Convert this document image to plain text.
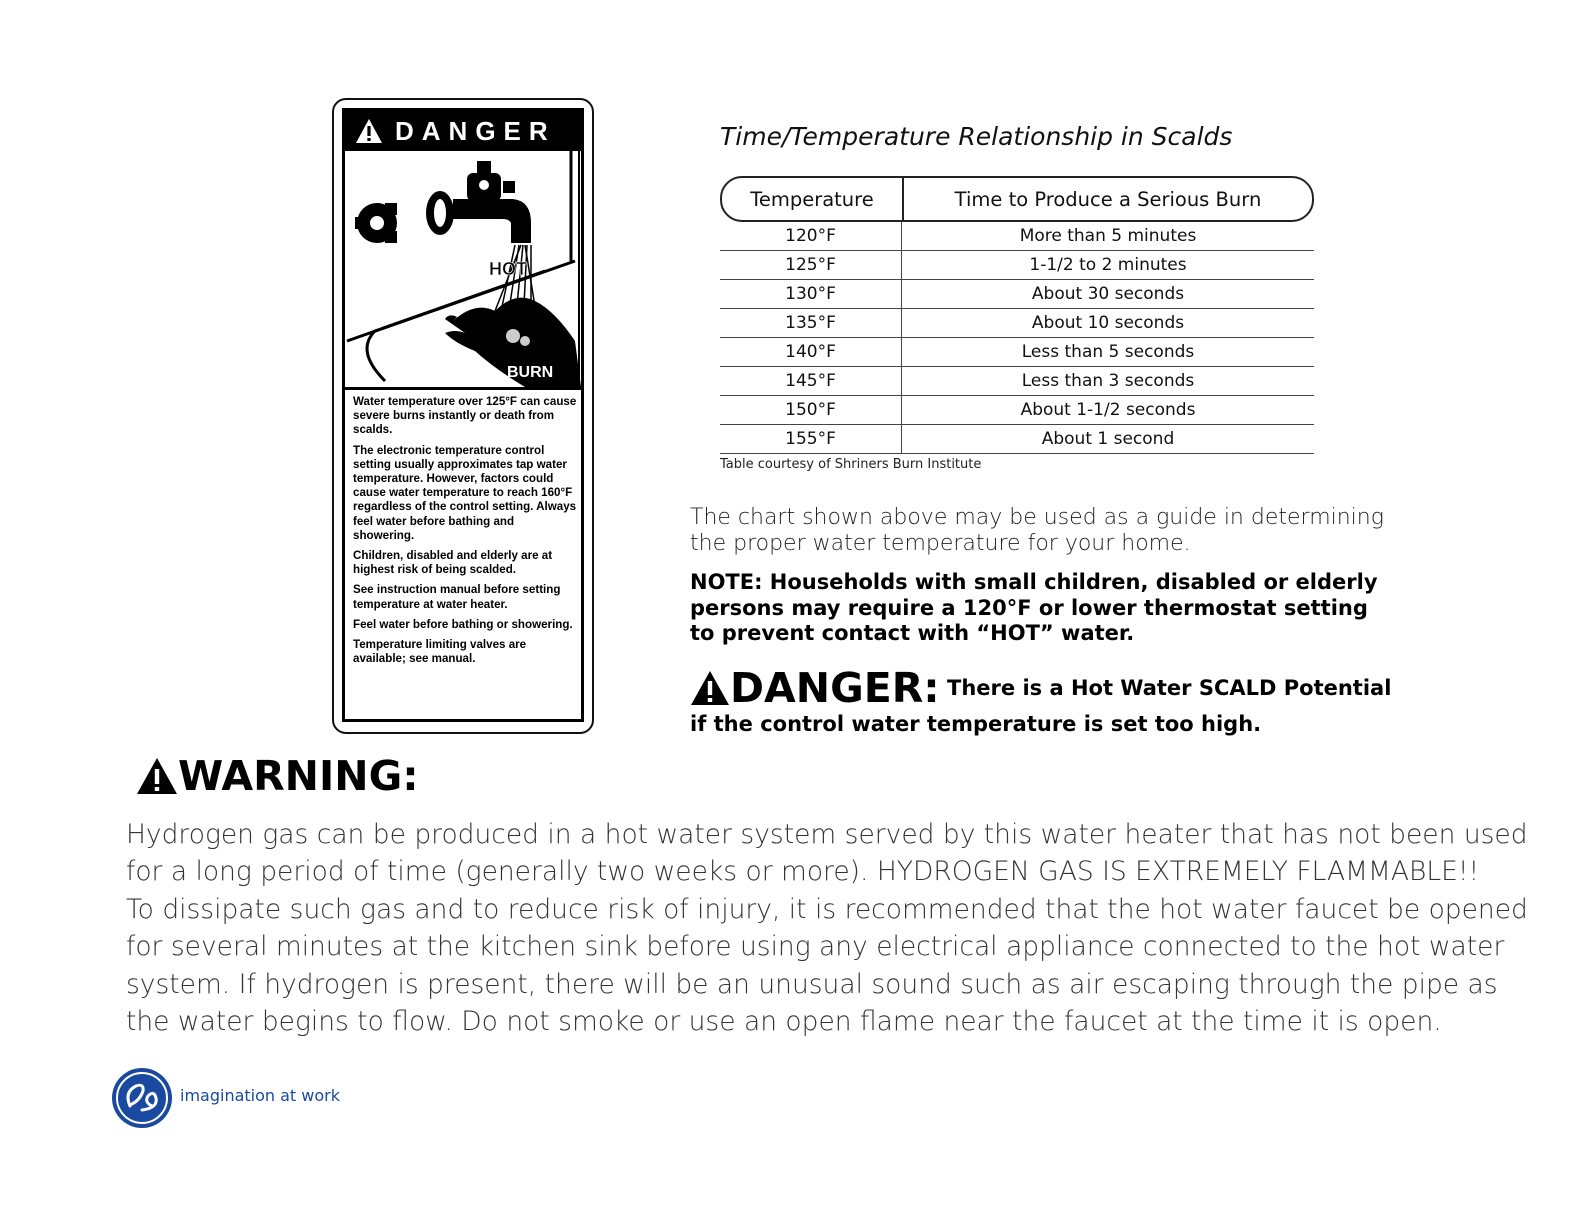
DANGER
HOT
BURN

Water temperature over 125°F can cause severe burns instantly or death from scalds.

The electronic temperature control setting usually approximates tap water temperature. However, factors could cause water temperature to reach 160°F regardless of the control setting. Always feel water before bathing and showering.

Children, disabled and elderly are at highest risk of being scalded.

See instruction manual before setting temperature at water heater.

Feel water before bathing or showering.

Temperature limiting valves are available; see manual.

Time/Temperature Relationship in Scalds
Temperature	Time to Produce a Serious Burn
120°F	More than 5 minutes
125°F	1-1/2 to 2 minutes
130°F	About 30 seconds
135°F	About 10 seconds
140°F	Less than 5 seconds
145°F	Less than 3 seconds
150°F	About 1-1/2 seconds
155°F	About 1 second
Table courtesy of Shriners Burn Institute
The chart shown above may be used as a guide in determining
the proper water temperature for your home.
NOTE: Households with small children, disabled or elderly
persons may require a 120°F or lower thermostat setting
to prevent contact with “HOT” water.
DANGER: There is a Hot Water SCALD Potential
if the control water temperature is set too high.
WARNING:

Hydrogen gas can be produced in a hot water system served by this water heater that has not been used

for a long period of time (generally two weeks or more). HYDROGEN GAS IS EXTREMELY FLAMMABLE!!

To dissipate such gas and to reduce risk of injury, it is recommended that the hot water faucet be opened

for several minutes at the kitchen sink before using any electrical appliance connected to the hot water

system. If hydrogen is present, there will be an unusual sound such as air escaping through the pipe as

the water begins to flow. Do not smoke or use an open flame near the faucet at the time it is open.

imagination at work
